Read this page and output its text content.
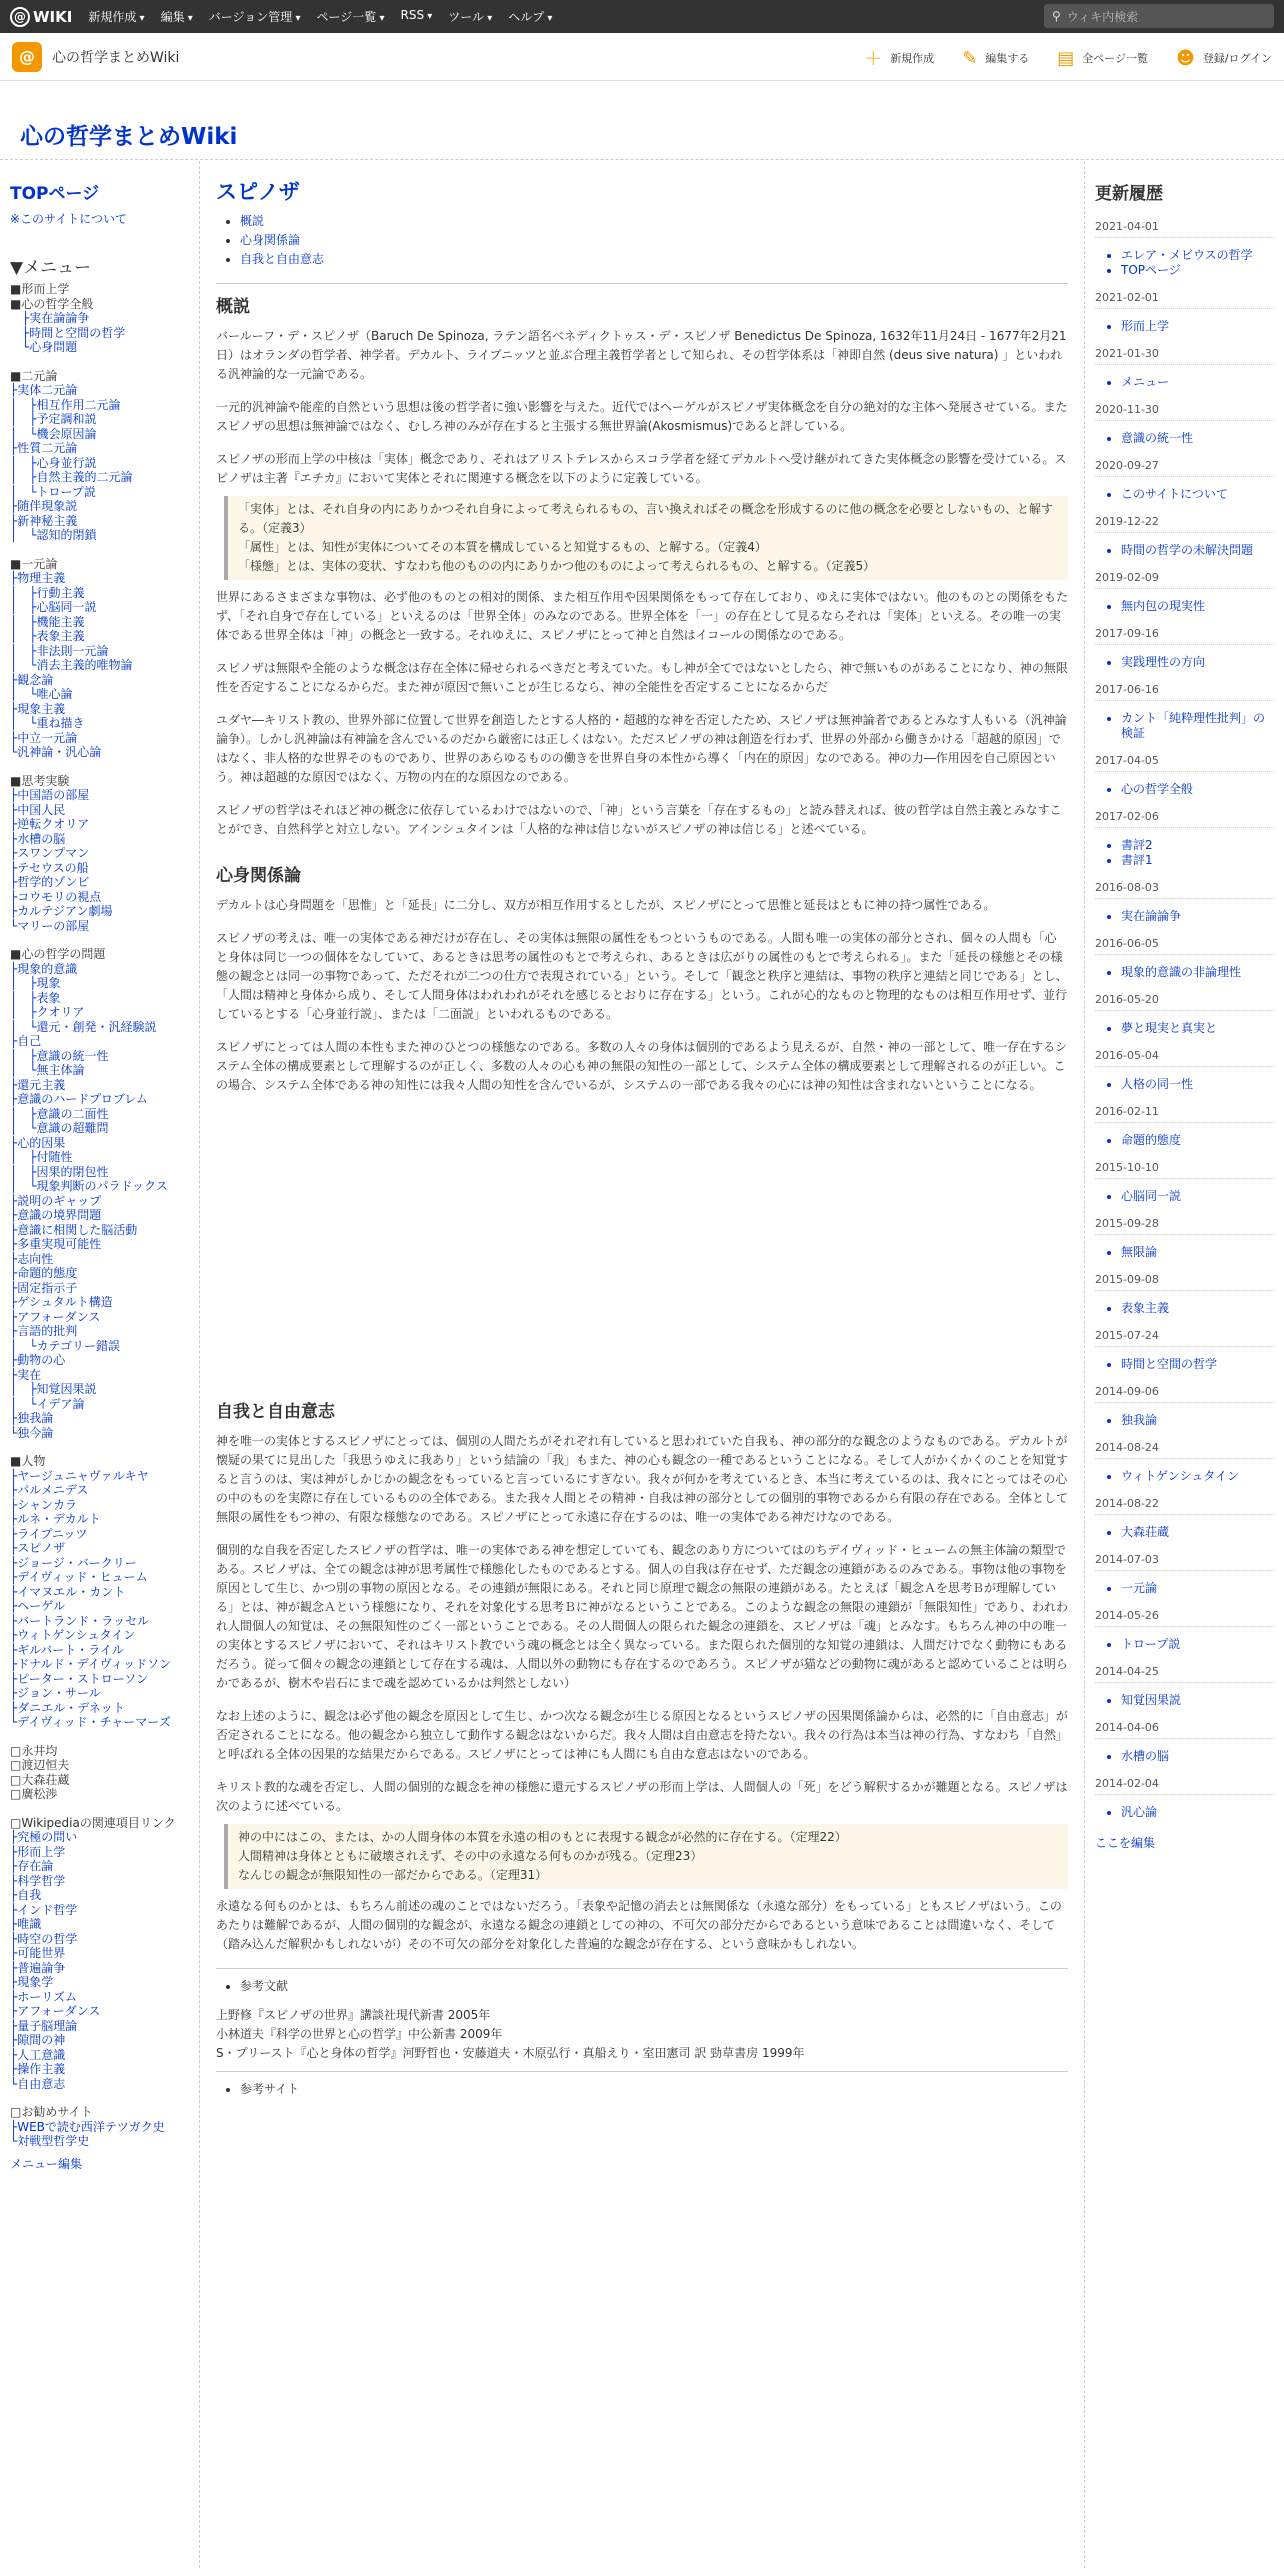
@ WIKI 新規作成 ▾	編集 ▾	バージョン管理 ▾	ページ一覧 ▾	RSS ▾	ツール ▾	ヘルプ ▾	⚲ ウィキ内検索
@	心の哲学まとめWiki	＋ 新規作成 ✎ 編集する ▤ 全ページ一覧 ☻ 登録/ログイン
心の哲学まとめWiki
TOPページ
※このサイトについて
▼メニュー
■形而上学
■心の哲学全般
　├実在論論争
　├時間と空間の哲学
　└心身問題
■二元論
├実体二元論
│　├相互作用二元論
│　├予定調和説
│　└機会原因論
├性質二元論
│　├心身並行説
│　├自然主義的二元論
│　└トロープ説
├随伴現象説
├新神秘主義
│　└認知的閉鎖
■一元論
├物理主義
│　├行動主義
│　├心脳同一説
│　├機能主義
│　├表象主義
│　├非法則一元論
│　└消去主義的唯物論
├観念論
│　└唯心論
├現象主義
│　└重ね描き
├中立一元論
└汎神論・汎心論
■思考実験
├中国語の部屋
├中国人民
├逆転クオリア
├水槽の脳
├スワンプマン
├テセウスの船
├哲学的ゾンビ
├コウモリの視点
├カルテジアン劇場
└マリーの部屋
■心の哲学の問題
├現象的意識
│　├現象
│　├表象
│　├クオリア
│　└還元・創発・汎経験説
├自己
│　├意識の統一性
│　└無主体論
├還元主義
├意識のハードプロブレム
│　├意識の二面性
│　└意識の超難問
├心的因果
│　├付随性
│　├因果的閉包性
│　└現象判断のパラドックス
├説明のギャップ
├意識の境界問題
├意識に相関した脳活動
├多重実現可能性
├志向性
├命題的態度
├固定指示子
├ゲシュタルト構造
├アフォーダンス
├言語的批判
│　└カテゴリー錯誤
├動物の心
├実在
│　├知覚因果説
│　└イデア論
├独我論
└独今論
■人物
├ヤージュニャヴァルキヤ
├パルメニデス
├シャンカラ
├ルネ・デカルト
├ライプニッツ
├スピノザ
├ジョージ・バークリー
├デイヴィッド・ヒューム
├イマヌエル・カント
├ヘーゲル
├バートランド・ラッセル
├ウィトゲンシュタイン
├ギルバート・ライル
├ドナルド・デイヴィッドソン
├ピーター・ストローソン
├ジョン・サール
├ダニエル・デネット
└デイヴィッド・チャーマーズ
□永井均
□渡辺恒夫
□大森荘蔵
□廣松渉
□Wikipediaの関連項目リンク
├究極の問い
├形而上学
├存在論
├科学哲学
├自我
├インド哲学
├唯識
├時空の哲学
├可能世界
├普遍論争
├現象学
├ホーリズム
├アフォーダンス
├量子脳理論
├隙間の神
├人工意識
├操作主義
└自由意志
□お勧めサイト
├WEBで読む西洋テツガク史
└対戦型哲学史
メニュー編集
スピノザ
• 概説
• 心身関係論
• 自我と自由意志
概説
バールーフ・デ・スピノザ（Baruch De Spinoza, ラテン語名ベネディクトゥス・デ・スピノザ Benedictus De Spinoza, 1632年11月24日 - 1677年2月21日）はオランダの哲学者、神学者。デカルト、ライプニッツと並ぶ合理主義哲学者として知られ、その哲学体系は「神即自然 (deus sive natura) 」といわれる汎神論的な一元論である。
一元的汎神論や能産的自然という思想は後の哲学者に強い影響を与えた。近代ではヘーゲルがスピノザ実体概念を自分の絶対的な主体へ発展させている。またスピノザの思想は無神論ではなく、むしろ神のみが存在すると主張する無世界論(Akosmismus)であると評している。
スピノザの形而上学の中核は「実体」概念であり、それはアリストテレスからスコラ学者を経てデカルトへ受け継がれてきた実体概念の影響を受けている。スピノザは主著『エチカ』において実体とそれに関連する概念を以下のように定義している。
「実体」とは、それ自身の内にありかつそれ自身によって考えられるもの、言い換えればその概念を形成するのに他の概念を必要としないもの、と解する。（定義3）
「属性」とは、知性が実体についてその本質を構成していると知覚するもの、と解する。（定義4）
「様態」とは、実体の変状、すなわち他のものの内にありかつ他のものによって考えられるもの、と解する。（定義5）
世界にあるさまざまな事物は、必ず他のものとの相対的関係、また相互作用や因果関係をもって存在しており、ゆえに実体ではない。他のものとの関係をもたず、「それ自身で存在している」といえるのは「世界全体」のみなのである。世界全体を「一」の存在として見るならそれは「実体」といえる。その唯一の実体である世界全体は「神」の概念と一致する。それゆえに、スピノザにとって神と自然はイコールの関係なのである。
スピノザは無限や全能のような概念は存在全体に帰せられるべきだと考えていた。もし神が全てではないとしたら、神で無いものがあることになり、神の無限性を否定することになるからだ。また神が原因で無いことが生じるなら、神の全能性を否定することになるからだ
ユダヤ―キリスト教の、世界外部に位置して世界を創造したとする人格的・超越的な神を否定したため、スピノザは無神論者であるとみなす人もいる（汎神論論争）。しかし汎神論は有神論を含んでいるのだから厳密には正しくはない。ただスピノザの神は創造を行わず、世界の外部から働きかける「超越的原因」ではなく、非人格的な世界そのものであり、世界のあらゆるものの働きを世界自身の本性から導く「内在的原因」なのである。神の力―作用因を自己原因という。神は超越的な原因ではなく、万物の内在的な原因なのである。
スピノザの哲学はそれほど神の概念に依存しているわけではないので、「神」という言葉を「存在するもの」と読み替えれば、彼の哲学は自然主義とみなすことができ、自然科学と対立しない。アインシュタインは「人格的な神は信じないがスピノザの神は信じる」と述べている。
心身関係論
デカルトは心身問題を「思惟」と「延長」に二分し、双方が相互作用するとしたが、スピノザにとって思惟と延長はともに神の持つ属性である。
スピノザの考えは、唯一の実体である神だけが存在し、その実体は無限の属性をもつというものである。人間も唯一の実体の部分とされ、個々の人間も「心と身体は同じ一つの個体をなしていて、あるときは思考の属性のもとで考えられ、あるときは広がりの属性のもとで考えられる」。また「延長の様態とその様態の観念とは同一の事物であって、ただそれが二つの仕方で表現されている」という。そして「観念と秩序と連結は、事物の秩序と連結と同じである」とし、「人間は精神と身体から成り、そして人間身体はわれわれがそれを感じるとおりに存在する」という。これが心的なものと物理的なものは相互作用せず、並行しているとする「心身並行説」、または「二面説」といわれるものである。
スピノザにとっては人間の本性もまた神のひとつの様態なのである。多数の人々の身体は個別的であるよう見えるが、自然・神の一部として、唯一存在するシステム全体の構成要素として理解するのが正しく、多数の人々の心も神の無限の知性の一部として、システム全体の構成要素として理解されるのが正しい。この場合、システム全体である神の知性には我々人間の知性を含んでいるが、システムの一部である我々の心には神の知性は含まれないということになる。
自我と自由意志
神を唯一の実体とするスピノザにとっては、個別の人間たちがそれぞれ有していると思われていた自我も、神の部分的な観念のようなものである。デカルトが懐疑の果てに見出した「我思うゆえに我あり」という結論の「我」もまた、神の心も観念の一種であるということになる。そして人がかくかくのことを知覚すると言うのは、実は神がしかじかの観念をもっていると言っているにすぎない。我々が何かを考えているとき、本当に考えているのは、我々にとってはその心の中のものを実際に存在しているものの全体である。また我々人間とその精神・自我は神の部分としての個別的事物であるから有限の存在である。全体として無限の属性をもつ神の、有限な様態なのである。スピノザにとって永遠に存在するのは、唯一の実体である神だけなのである。
個別的な自我を否定したスピノザの哲学は、唯一の実体である神を想定していても、観念のあり方についてはのちデイヴィッド・ヒュームの無主体論の類型である。スピノザは、全ての観念は神が思考属性で様態化したものであるとする。個人の自我は存在せず、ただ観念の連鎖があるのみである。事物は他の事物を原因として生じ、かつ別の事物の原因となる。その連鎖が無限にある。それと同じ原理で観念の無限の連鎖がある。たとえば「観念Ａを思考Ｂが理解している」とは、神が観念Ａという様態になり、それを対象化する思考Ｂに神がなるということである。このような観念の無限の連鎖が「無限知性」であり、われわれ人間個人の知覚は、その無限知性のごく一部ということである。その人間個人の限られた観念の連鎖を、スピノザは「魂」とみなす。もちろん神の中の唯一の実体とするスピノザにおいて、それはキリスト教でいう魂の概念とは全く異なっている。また限られた個別的な知覚の連鎖は、人間だけでなく動物にもあるだろう。従って個々の観念の連鎖として存在する魂は、人間以外の動物にも存在するのであろう。スピノザが猫などの動物に魂があると認めていることは明らかであるが、樹木や岩石にまで魂を認めているかは判然としない）
なお上述のように、観念は必ず他の観念を原因として生じ、かつ次なる観念が生じる原因となるというスピノザの因果関係論からは、必然的に「自由意志」が否定されることになる。他の観念から独立して動作する観念はないからだ。我々人間は自由意志を持たない。我々の行為は本当は神の行為、すなわち「自然」と呼ばれる全体の因果的な結果だからである。スピノザにとっては神にも人間にも自由な意志はないのである。
キリスト教的な魂を否定し、人間の個別的な観念を神の様態に還元するスピノザの形而上学は、人間個人の「死」をどう解釈するかが難題となる。スピノザは次のように述べている。
神の中にはこの、または、かの人間身体の本質を永遠の相のもとに表現する観念が必然的に存在する。（定理22）
人間精神は身体とともに破壊されえず、その中の永遠なる何ものかが残る。（定理23）
なんじの観念が無限知性の一部だからである。（定理31）
永遠なる何ものかとは、もちろん前述の魂のことではないだろう。「表象や記憶の消去とは無関係な（永遠な部分）をもっている」ともスピノザはいう。このあたりは難解であるが、人間の個別的な観念が、永遠なる観念の連鎖としての神の、不可欠の部分だからであるという意味であることは間違いなく、そして（踏み込んだ解釈かもしれないが）その不可欠の部分を対象化した普遍的な観念が存在する、という意味かもしれない。
• 参考文献
上野修『スピノザの世界』講談社現代新書 2005年
小林道夫『科学の世界と心の哲学』中公新書 2009年
S・プリースト『心と身体の哲学』河野哲也・安藤道夫・木原弘行・真船えり・室田憲司 訳 勁草書房 1999年
• 参考サイト
更新履歴
2021-04-01
• エレア・メビウスの哲学
• TOPページ
2021-02-01
• 形而上学
2021-01-30
• メニュー
2020-11-30
• 意識の統一性
2020-09-27
• このサイトについて
2019-12-22
• 時間の哲学の未解決問題
2019-02-09
• 無内包の現実性
2017-09-16
• 実践理性の方向
2017-06-16
• カント「純粋理性批判」の検証
2017-04-05
• 心の哲学全般
2017-02-06
• 書評2
• 書評1
2016-08-03
• 実在論論争
2016-06-05
• 現象的意識の非論理性
2016-05-20
• 夢と現実と真実と
2016-05-04
• 人格の同一性
2016-02-11
• 命題的態度
2015-10-10
• 心脳同一説
2015-09-28
• 無限論
2015-09-08
• 表象主義
2015-07-24
• 時間と空間の哲学
2014-09-06
• 独我論
2014-08-24
• ウィトゲンシュタイン
2014-08-22
• 大森荘蔵
2014-07-03
• 一元論
2014-05-26
• トロープ説
2014-04-25
• 知覚因果説
2014-04-06
• 水槽の脳
2014-02-04
• 汎心論
ここを編集
